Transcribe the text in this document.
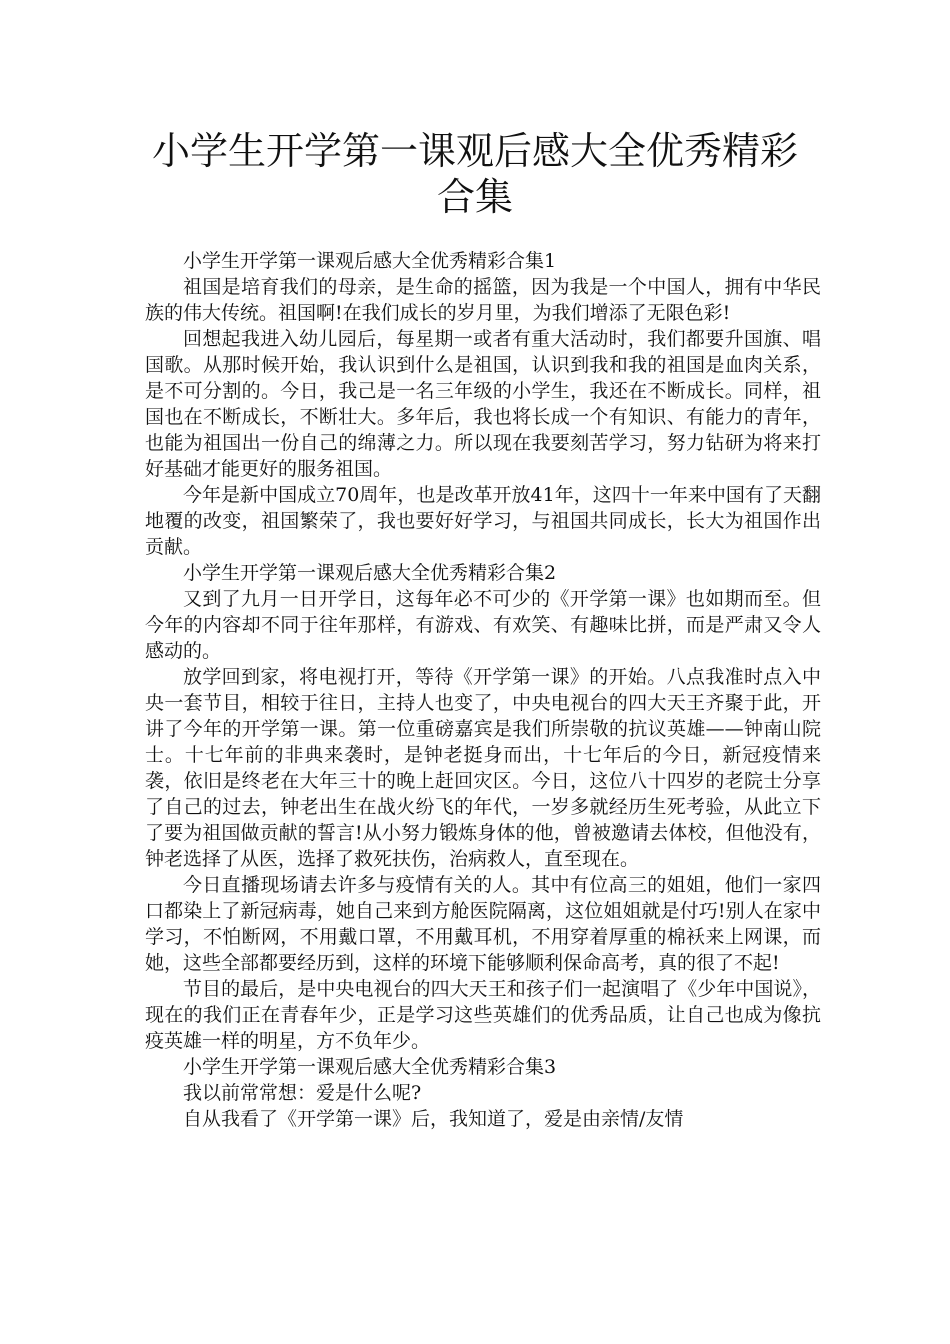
小学生开学第一课观后感大全优秀精彩合集

小学生开学第一课观后感大全优秀精彩合集1

祖国是培育我们的母亲，是生命的摇篮，因为我是一个中国人，拥有中华民族的伟大传统。祖国啊!在我们成长的岁月里，为我们增添了无限色彩!

回想起我进入幼儿园后，每星期一或者有重大活动时，我们都要升国旗、唱国歌。从那时候开始，我认识到什么是祖国，认识到我和我的祖国是血肉关系，是不可分割的。今日，我己是一名三年级的小学生，我还在不断成长。同样，祖国也在不断成长，不断壮大。多年后，我也将长成一个有知识、有能力的青年，也能为祖国出一份自己的绵薄之力。所以现在我要刻苦学习，努力钻研为将来打好基础才能更好的服务祖国。

今年是新中国成立70周年，也是改革开放41年，这四十一年来中国有了天翻地覆的改变，祖国繁荣了，我也要好好学习，与祖国共同成长，长大为祖国作出贡献。

小学生开学第一课观后感大全优秀精彩合集2

又到了九月一日开学日，这每年必不可少的《开学第一课》也如期而至。但今年的内容却不同于往年那样，有游戏、有欢笑、有趣味比拼，而是严肃又令人感动的。

放学回到家，将电视打开，等待《开学第一课》的开始。八点我准时点入中央一套节目，相较于往日，主持人也变了，中央电视台的四大天王齐聚于此，开讲了今年的开学第一课。第一位重磅嘉宾是我们所崇敬的抗议英雄——钟南山院士。十七年前的非典来袭时，是钟老挺身而出，十七年后的今日，新冠疫情来袭，依旧是终老在大年三十的晚上赶回灾区。今日，这位八十四岁的老院士分享了自己的过去，钟老出生在战火纷飞的年代，一岁多就经历生死考验，从此立下了要为祖国做贡献的誓言!从小努力锻炼身体的他，曾被邀请去体校，但他没有，钟老选择了从医，选择了救死扶伤，治病救人，直至现在。

今日直播现场请去许多与疫情有关的人。其中有位高三的姐姐，他们一家四口都染上了新冠病毒，她自己来到方舱医院隔离，这位姐姐就是付巧!别人在家中学习，不怕断网，不用戴口罩，不用戴耳机，不用穿着厚重的棉袄来上网课，而她，这些全部都要经历到，这样的环境下能够顺利保命高考，真的很了不起!

节目的最后，是中央电视台的四大天王和孩子们一起演唱了《少年中国说》，现在的我们正在青春年少，正是学习这些英雄们的优秀品质，让自己也成为像抗疫英雄一样的明星，方不负年少。

小学生开学第一课观后感大全优秀精彩合集3

我以前常常想：爱是什么呢?

自从我看了《开学第一课》后，我知道了，爱是由亲情/友情
